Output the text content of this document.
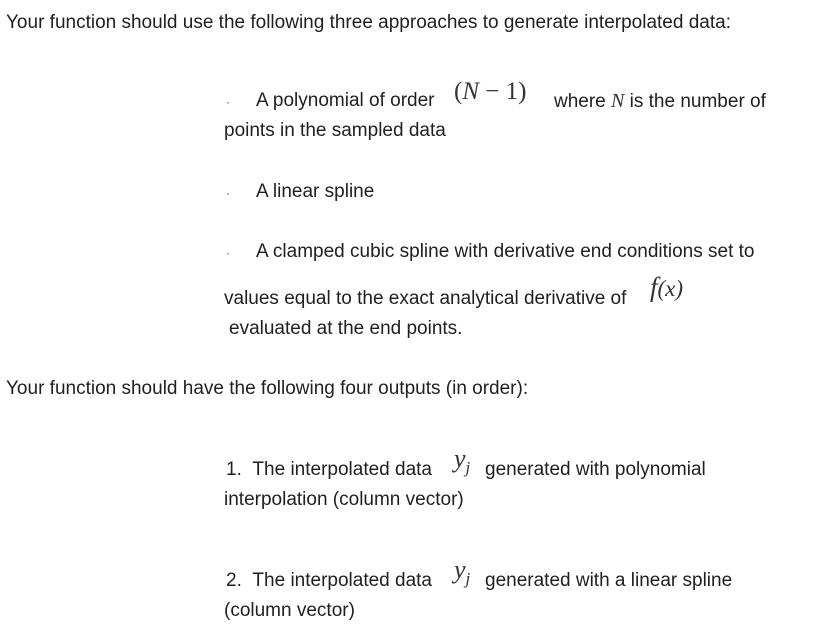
Your function should use the following three approaches to generate interpolated data:
· A polynomial of order (N − 1) where N is the number of
points in the sampled data
· A linear spline
· A clamped cubic spline with derivative end conditions set to
values equal to the exact analytical derivative of f(x)
evaluated at the end points.
Your function should have the following four outputs (in order):
1. The interpolated data $y_j$ generated with polynomial
interpolation (column vector)
2. The interpolated data $y_j$ generated with a linear spline
(column vector)
